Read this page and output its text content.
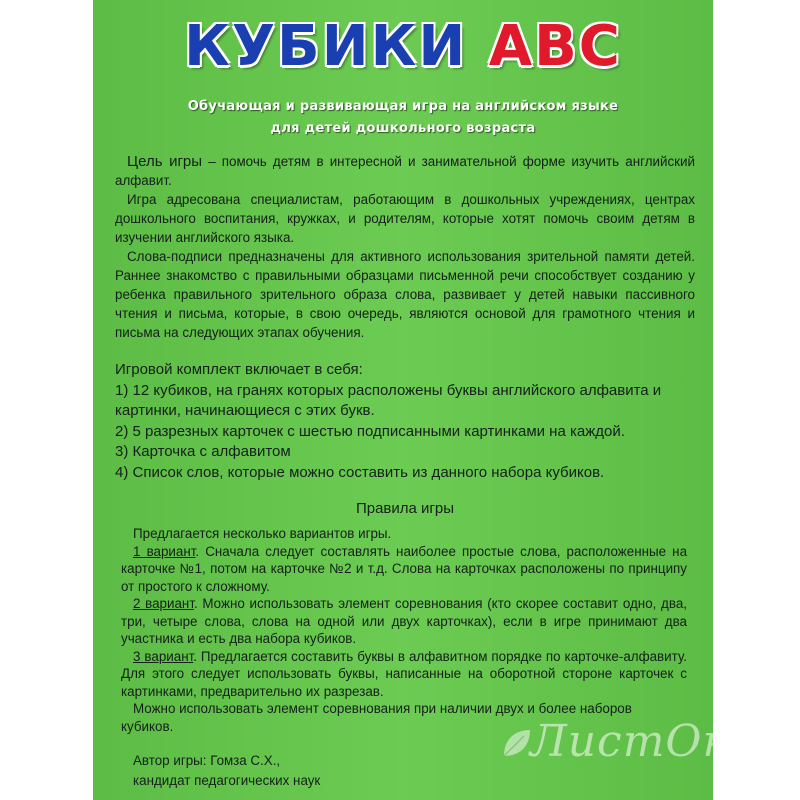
КУБИКИ ABC
Обучающая и развивающая игра на английском языке
для детей дошкольного возраста

Цель игры – помочь детям в интересной и занимательной форме изучить английский алфавит.

Игра адресована специалистам, работающим в дошкольных учреждениях, центрах дошкольного воспитания, кружках, и родителям, которые хотят помочь своим детям в изучении английского языка.

Слова-подписи предназначены для активного использования зрительной памяти детей. Раннее знакомство с правильными образцами письменной речи способствует созданию у ребенка правильного зрительного образа слова, развивает у детей навыки пассивного чтения и письма, которые, в свою очередь, являются основой для грамотного чтения и письма на следующих этапах обучения.

Игровой комплект включает в себя:
1) 12 кубиков, на гранях которых расположены буквы английского алфавита и картинки, начинающиеся с этих букв.
2) 5 разрезных карточек с шестью подписанными картинками на каждой.
3) Карточка с алфавитом
4) Список слов, которые можно составить из данного набора кубиков.
Правила игры

Предлагается несколько вариантов игры.

1 вариант. Сначала следует составлять наиболее простые слова, расположенные на карточке №1, потом на карточке №2 и т.д. Слова на карточках расположены по принципу от простого к сложному.

2 вариант. Можно использовать элемент соревнования (кто скорее составит одно, два, три, четыре слова, слова на одной или двух карточках), если в игре принимают два участника и есть два набора кубиков.

3 вариант. Предлагается составить буквы в алфавитном порядке по карточке-алфавиту. Для этого следует использовать буквы, написанные на оборотной стороне карточек с картинками, предварительно их разрезав.

Можно использовать элемент соревнования при наличии двух и более наборов кубиков.

Автор игры: Гомза С.Х.,
кандидат педагогических наук
ЛистОк!
